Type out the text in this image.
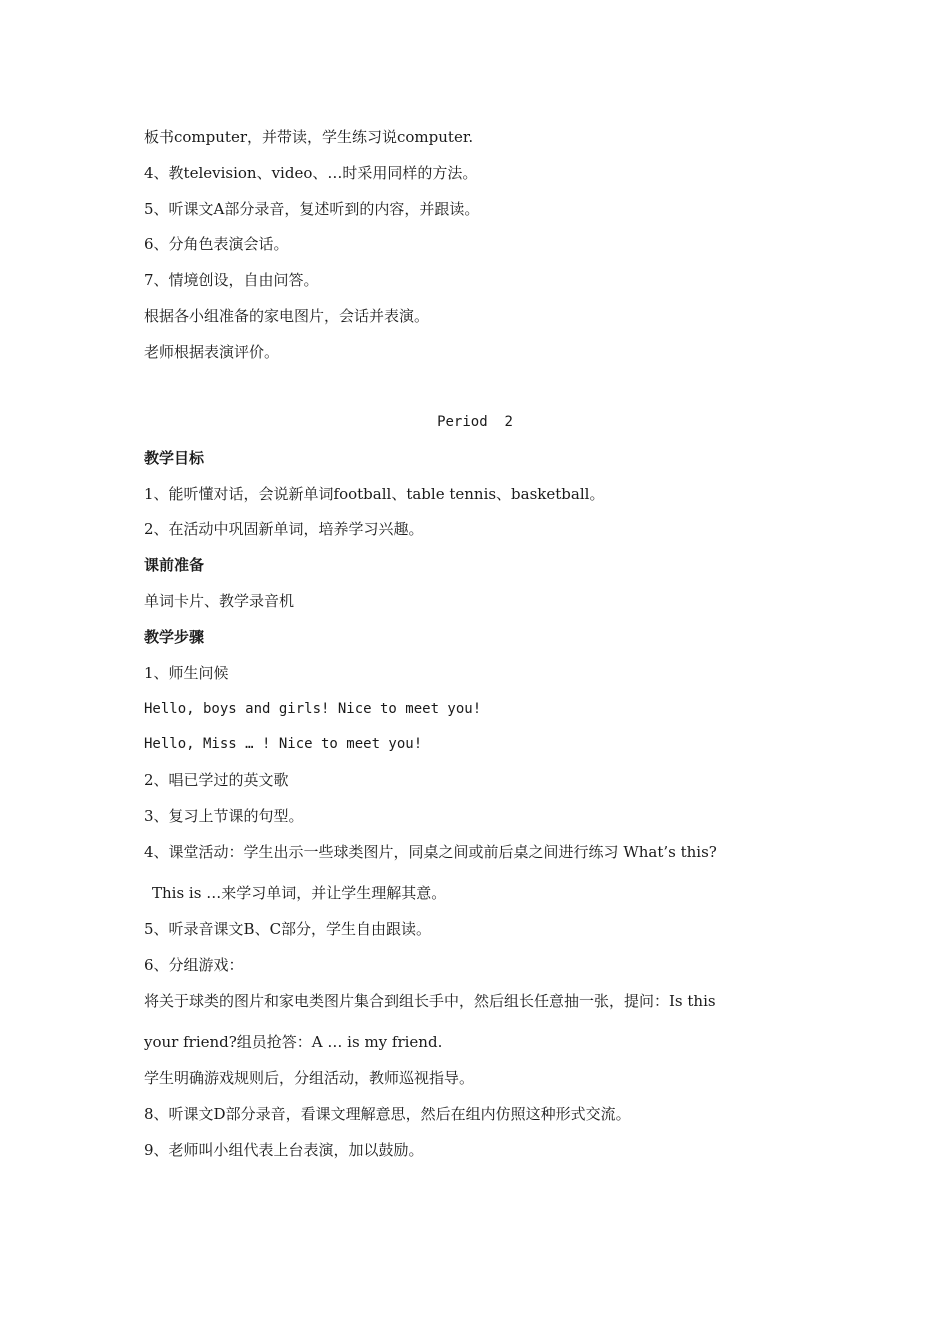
板书computer，并带读，学生练习说computer.
4、教television、video、…时采用同样的方法。
5、听课文A部分录音，复述听到的内容，并跟读。
6、分角色表演会话。
7、情境创设，自由问答。
根据各小组准备的家电图片，会话并表演。
老师根据表演评价。
Period  2
教学目标
1、能听懂对话，会说新单词football、table tennis、basketball。
2、在活动中巩固新单词，培养学习兴趣。
课前准备
单词卡片、教学录音机
教学步骤
1、师生问候
Hello, boys and girls! Nice to meet you!
Hello, Miss … ! Nice to meet you!
2、唱已学过的英文歌
3、复习上节课的句型。
4、课堂活动：学生出示一些球类图片，同桌之间或前后桌之间进行练习 What’s this?
This is …来学习单词，并让学生理解其意。
5、听录音课文B、C部分，学生自由跟读。
6、分组游戏：
将关于球类的图片和家电类图片集合到组长手中，然后组长任意抽一张，提问：Is this
your friend?组员抢答：A … is my friend.
学生明确游戏规则后，分组活动，教师巡视指导。
8、听课文D部分录音，看课文理解意思，然后在组内仿照这种形式交流。
9、老师叫小组代表上台表演，加以鼓励。
